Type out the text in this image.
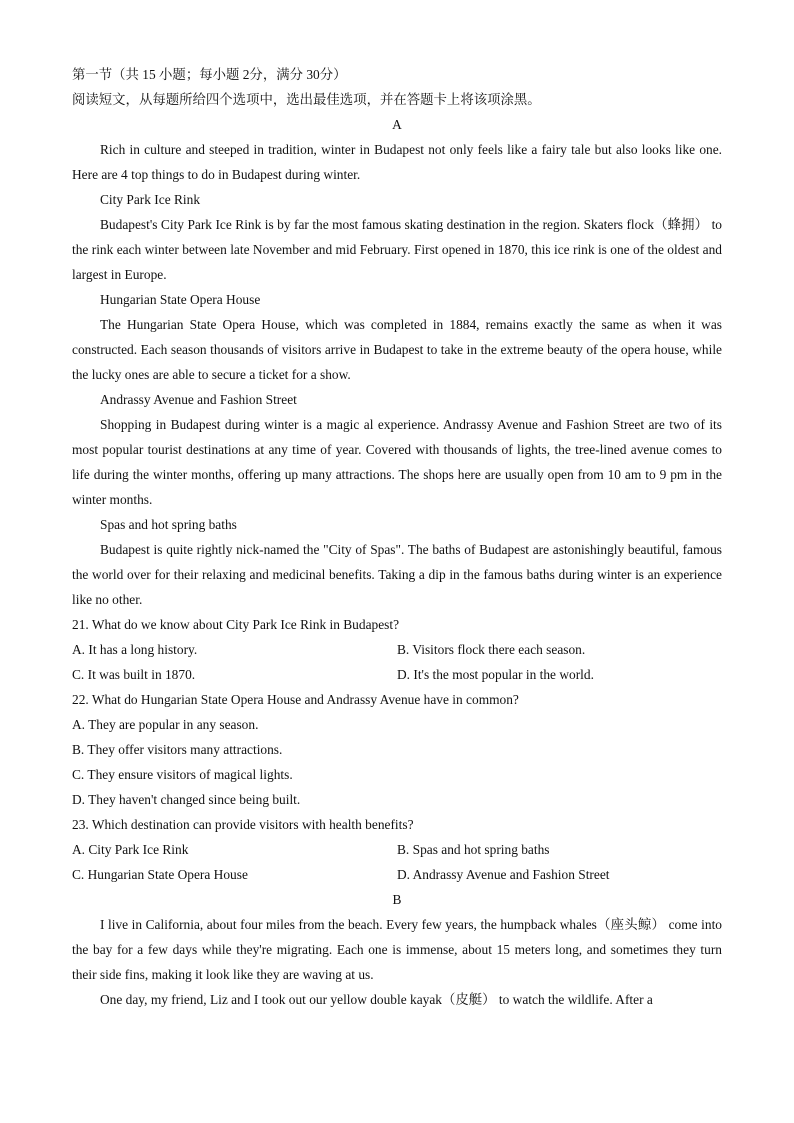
第一节（共 15 小题；每小题 2分，满分 30分）

阅读短文，从每题所给四个选项中，选出最佳选项，并在答题卡上将该项涂黑。

A

Rich in culture and steeped in tradition, winter in Budapest not only feels like a fairy tale but also looks like one. Here are 4 top things to do in Budapest during winter.

City Park Ice Rink

Budapest's City Park Ice Rink is by far the most famous skating destination in the region. Skaters flock（蜂拥） to the rink each winter between late November and mid February. First opened in 1870, this ice rink is one of the oldest and largest in Europe.

Hungarian State Opera House

The Hungarian State Opera House, which was completed in 1884, remains exactly the same as when it was constructed. Each season thousands of visitors arrive in Budapest to take in the extreme beauty of the opera house, while the lucky ones are able to secure a ticket for a show.

Andrassy Avenue and Fashion Street

Shopping in Budapest during winter is a magic al experience. Andrassy Avenue and Fashion Street are two of its most popular tourist destinations at any time of year. Covered with thousands of lights, the tree-lined avenue comes to life during the winter months, offering up many attractions. The shops here are usually open from 10 am to 9 pm in the winter months.

Spas and hot spring baths

Budapest is quite rightly nick-named the "City of Spas". The baths of Budapest are astonishingly beautiful, famous the world over for their relaxing and medicinal benefits. Taking a dip in the famous baths during winter is an experience like no other.

21. What do we know about City Park Ice Rink in Budapest?

A. It has a long history.	B. Visitors flock there each season.
C. It was built in 1870.	D. It's the most popular in the world.

22. What do Hungarian State Opera House and Andrassy Avenue have in common?

A. They are popular in any season.

B. They offer visitors many attractions.

C. They ensure visitors of magical lights.

D. They haven't changed since being built.

23. Which destination can provide visitors with health benefits?

A. City Park Ice Rink	B. Spas and hot spring baths
C. Hungarian State Opera House	D. Andrassy Avenue and Fashion Street

B

I live in California, about four miles from the beach. Every few years, the humpback whales（座头鲸） come into the bay for a few days while they're migrating. Each one is immense, about 15 meters long, and sometimes they turn their side fins, making it look like they are waving at us.

One day, my friend, Liz and I took out our yellow double kayak（皮艇） to watch the wildlife. After a
